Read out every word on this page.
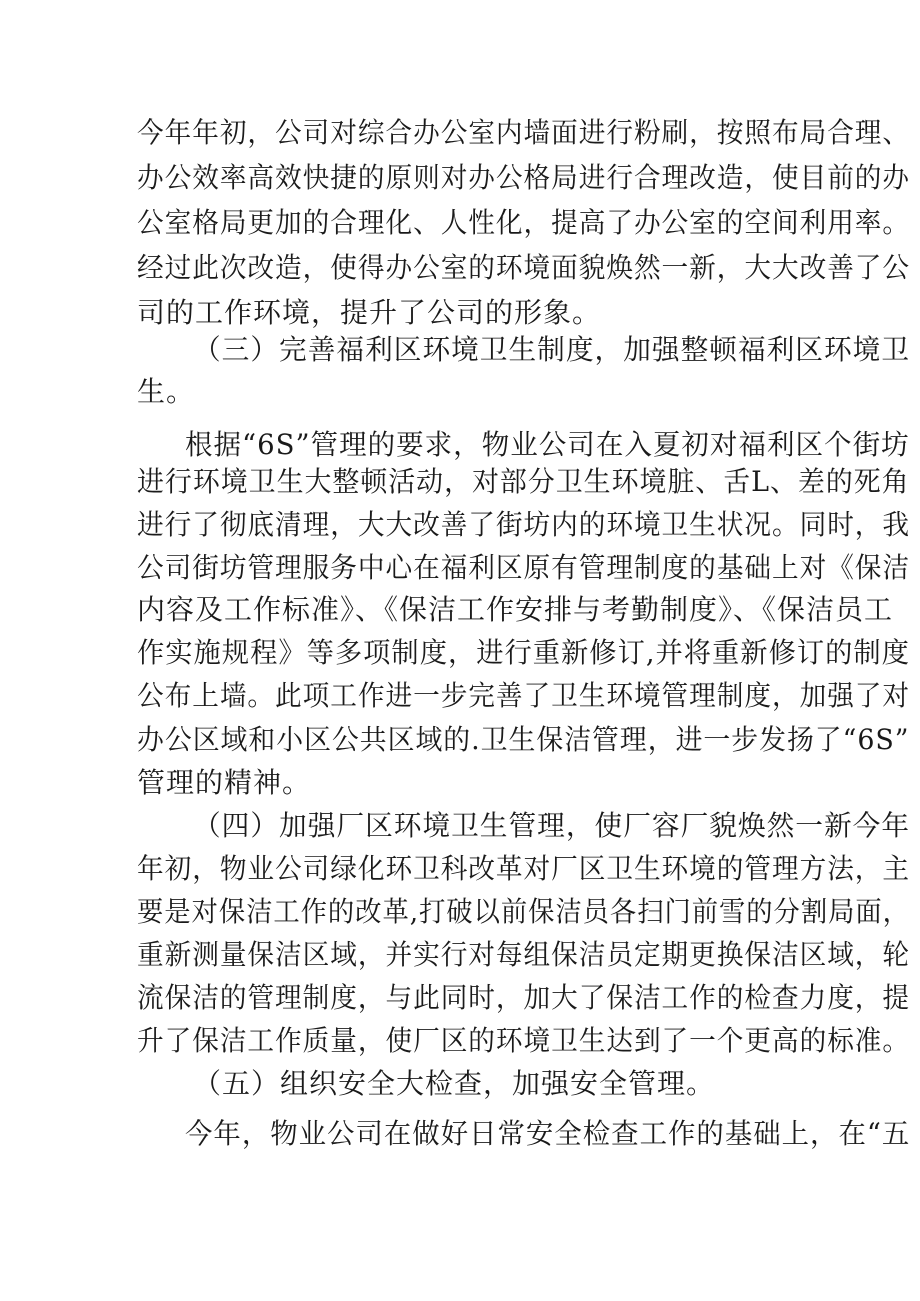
今年年初，公司对综合办公室内墙面进行粉刷，按照布局合理、
办公效率高效快捷的原则对办公格局进行合理改造，使目前的办
公室格局更加的合理化、人性化，提高了办公室的空间利用率。
经过此次改造，使得办公室的环境面貌焕然一新，大大改善了公
司的工作环境，提升了公司的形象。
（三）完善福利区环境卫生制度，加强整顿福利区环境卫
生。
根据“6S”管理的要求，物业公司在入夏初对福利区个街坊
进行环境卫生大整顿活动，对部分卫生环境脏、舌L、差的死角
进行了彻底清理，大大改善了街坊内的环境卫生状况。同时，我
公司街坊管理服务中心在福利区原有管理制度的基础上对《保洁
内容及工作标准》、《保洁工作安排与考勤制度》、《保洁员工
作实施规程》等多项制度，进行重新修订,并将重新修订的制度
公布上墙。此项工作进一步完善了卫生环境管理制度，加强了对
办公区域和小区公共区域的.卫生保洁管理，进一步发扬了“6S”
管理的精神。
（四）加强厂区环境卫生管理，使厂容厂貌焕然一新今年
年初，物业公司绿化环卫科改革对厂区卫生环境的管理方法，主
要是对保洁工作的改革,打破以前保洁员各扫门前雪的分割局面，
重新测量保洁区域，并实行对每组保洁员定期更换保洁区域，轮
流保洁的管理制度，与此同时，加大了保洁工作的检查力度，提
升了保洁工作质量，使厂区的环境卫生达到了一个更高的标准。
（五）组织安全大检查，加强安全管理。
今年，物业公司在做好日常安全检查工作的基础上，在“五
